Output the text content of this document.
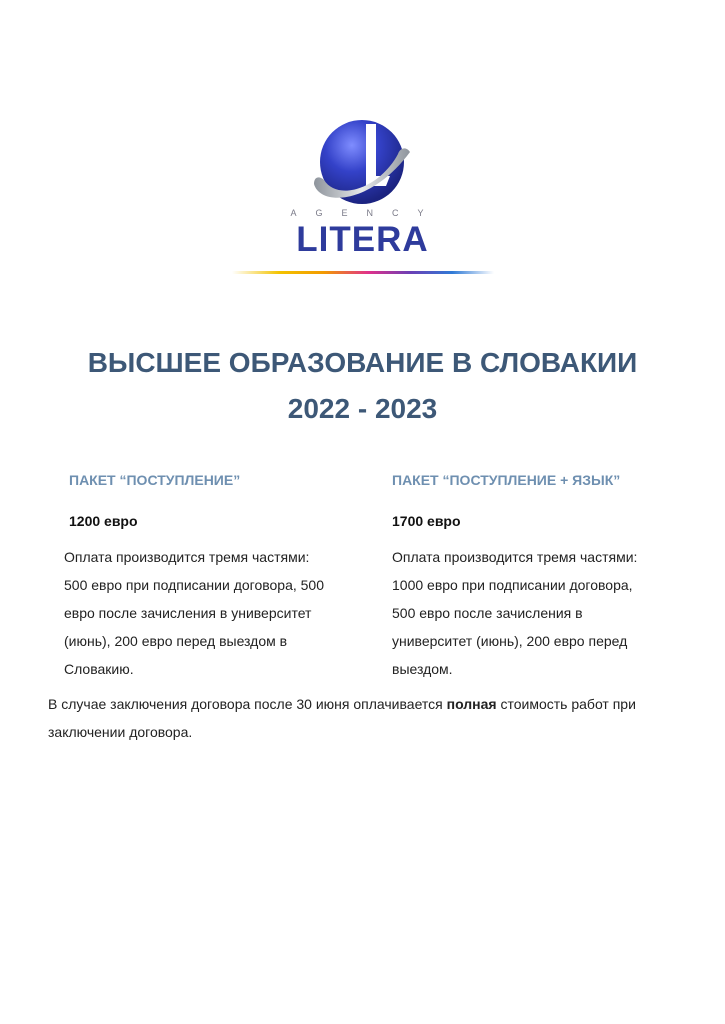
AGENCY
LITERA
ВЫСШЕЕ ОБРАЗОВАНИЕ В СЛОВАКИИ
2022 - 2023

ПАКЕТ “ПОСТУПЛЕНИЕ”	ПАКЕТ “ПОСТУПЛЕНИЕ + ЯЗЫК”

1200 евро	1700 евро

Оплата производится тремя частями:
500 евро при подписании договора, 500
евро после зачисления в университет
(июнь), 200 евро перед выездом в
Словакию.
Оплата производится тремя частями:
1000 евро при подписании договора,
500 евро после зачисления в
университет (июнь), 200 евро перед
выездом.
В случае заключения договора после 30 июня оплачивается полная стоимость работ при
заключении договора.
